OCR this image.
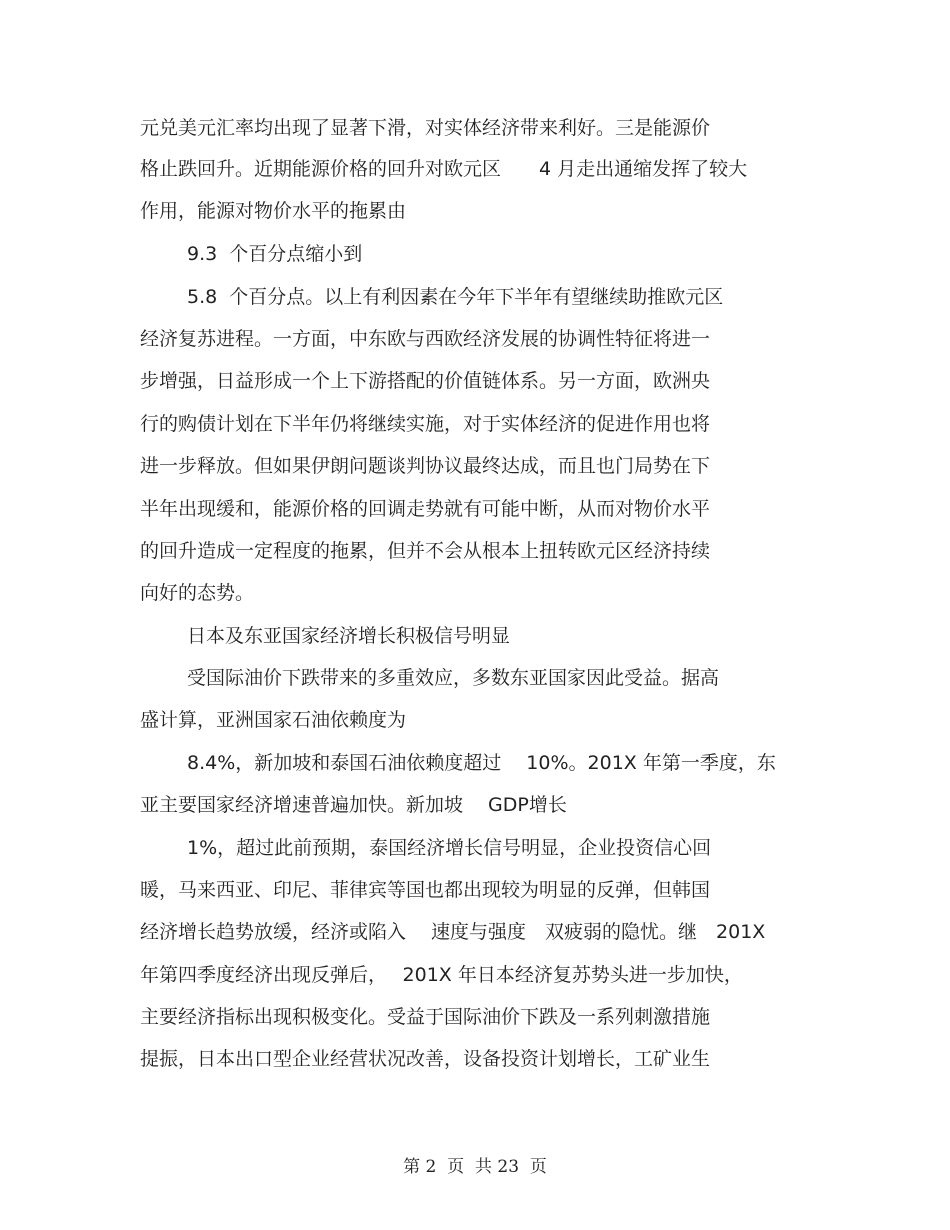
元兑美元汇率均出现了显著下滑，对实体经济带来利好。三是能源价
格止跌回升。近期能源价格的回升对欧元区　　4 月走出通缩发挥了较大
作用，能源对物价水平的拖累由
9.3  个百分点缩小到
5.8  个百分点。以上有利因素在今年下半年有望继续助推欧元区
经济复苏进程。一方面，中东欧与西欧经济发展的协调性特征将进一
步增强，日益形成一个上下游搭配的价值链体系。另一方面，欧洲央
行的购债计划在下半年仍将继续实施，对于实体经济的促进作用也将
进一步释放。但如果伊朗问题谈判协议最终达成，而且也门局势在下
半年出现缓和，能源价格的回调走势就有可能中断，从而对物价水平
的回升造成一定程度的拖累，但并不会从根本上扭转欧元区经济持续
向好的态势。
日本及东亚国家经济增长积极信号明显
受国际油价下跌带来的多重效应，多数东亚国家因此受益。据高
盛计算，亚洲国家石油依赖度为
8.4%，新加坡和泰国石油依赖度超过　 10%。201X 年第一季度，东
亚主要国家经济增速普遍加快。新加坡　 GDP增长
1%，超过此前预期，泰国经济增长信号明显，企业投资信心回
暖，马来西亚、印尼、菲律宾等国也都出现较为明显的反弹，但韩国
经济增长趋势放缓，经济或陷入　 速度与强度　双疲弱的隐忧。继　201X
年第四季度经济出现反弹后，　 201X 年日本经济复苏势头进一步加快，
主要经济指标出现积极变化。受益于国际油价下跌及一系列刺激措施
提振，日本出口型企业经营状况改善，设备投资计划增长，工矿业生
第 2  页  共 23  页
